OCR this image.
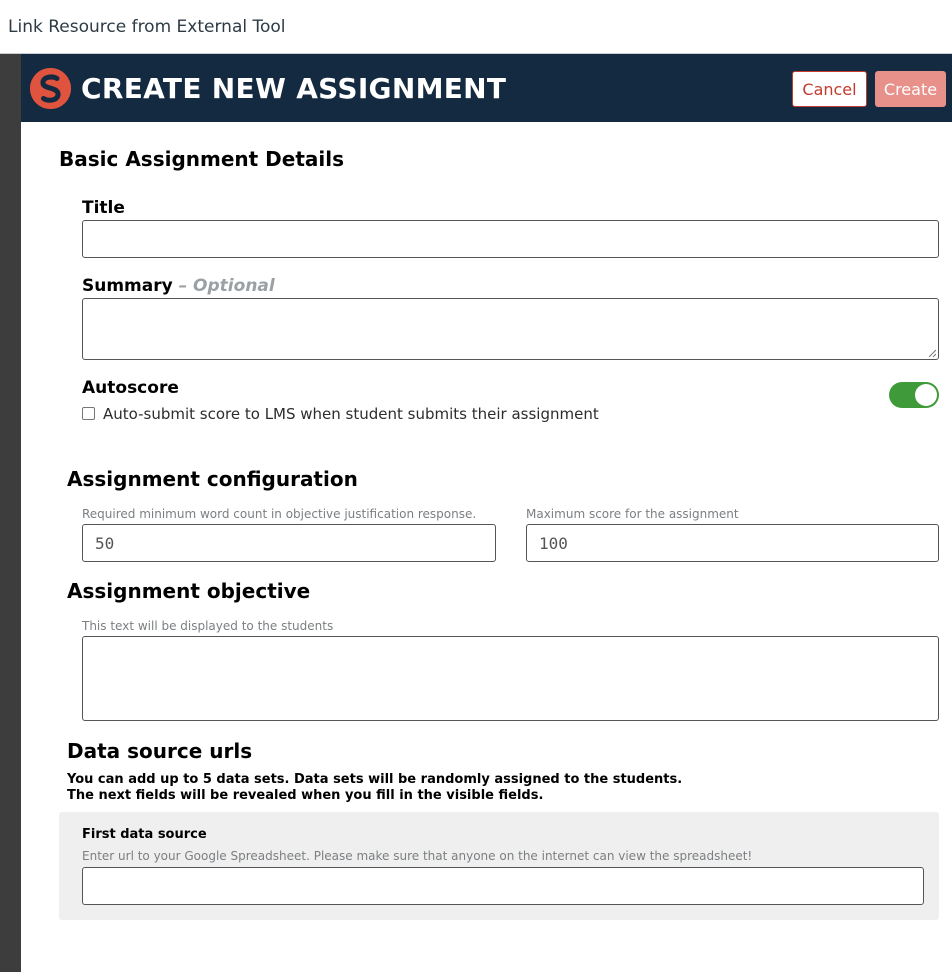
Link Resource from External Tool
CREATE NEW ASSIGNMENT	Cancel	Create
Basic Assignment Details
Title
Summary – Optional
Autoscore
Auto-submit score to LMS when student submits their assignment
Assignment configuration
Required minimum word count in objective justification response.
50
Maximum score for the assignment
100
Assignment objective
This text will be displayed to the students
Data source urls
You can add up to 5 data sets. Data sets will be randomly assigned to the students.
The next fields will be revealed when you fill in the visible fields.
First data source
Enter url to your Google Spreadsheet. Please make sure that anyone on the internet can view the spreadsheet!
